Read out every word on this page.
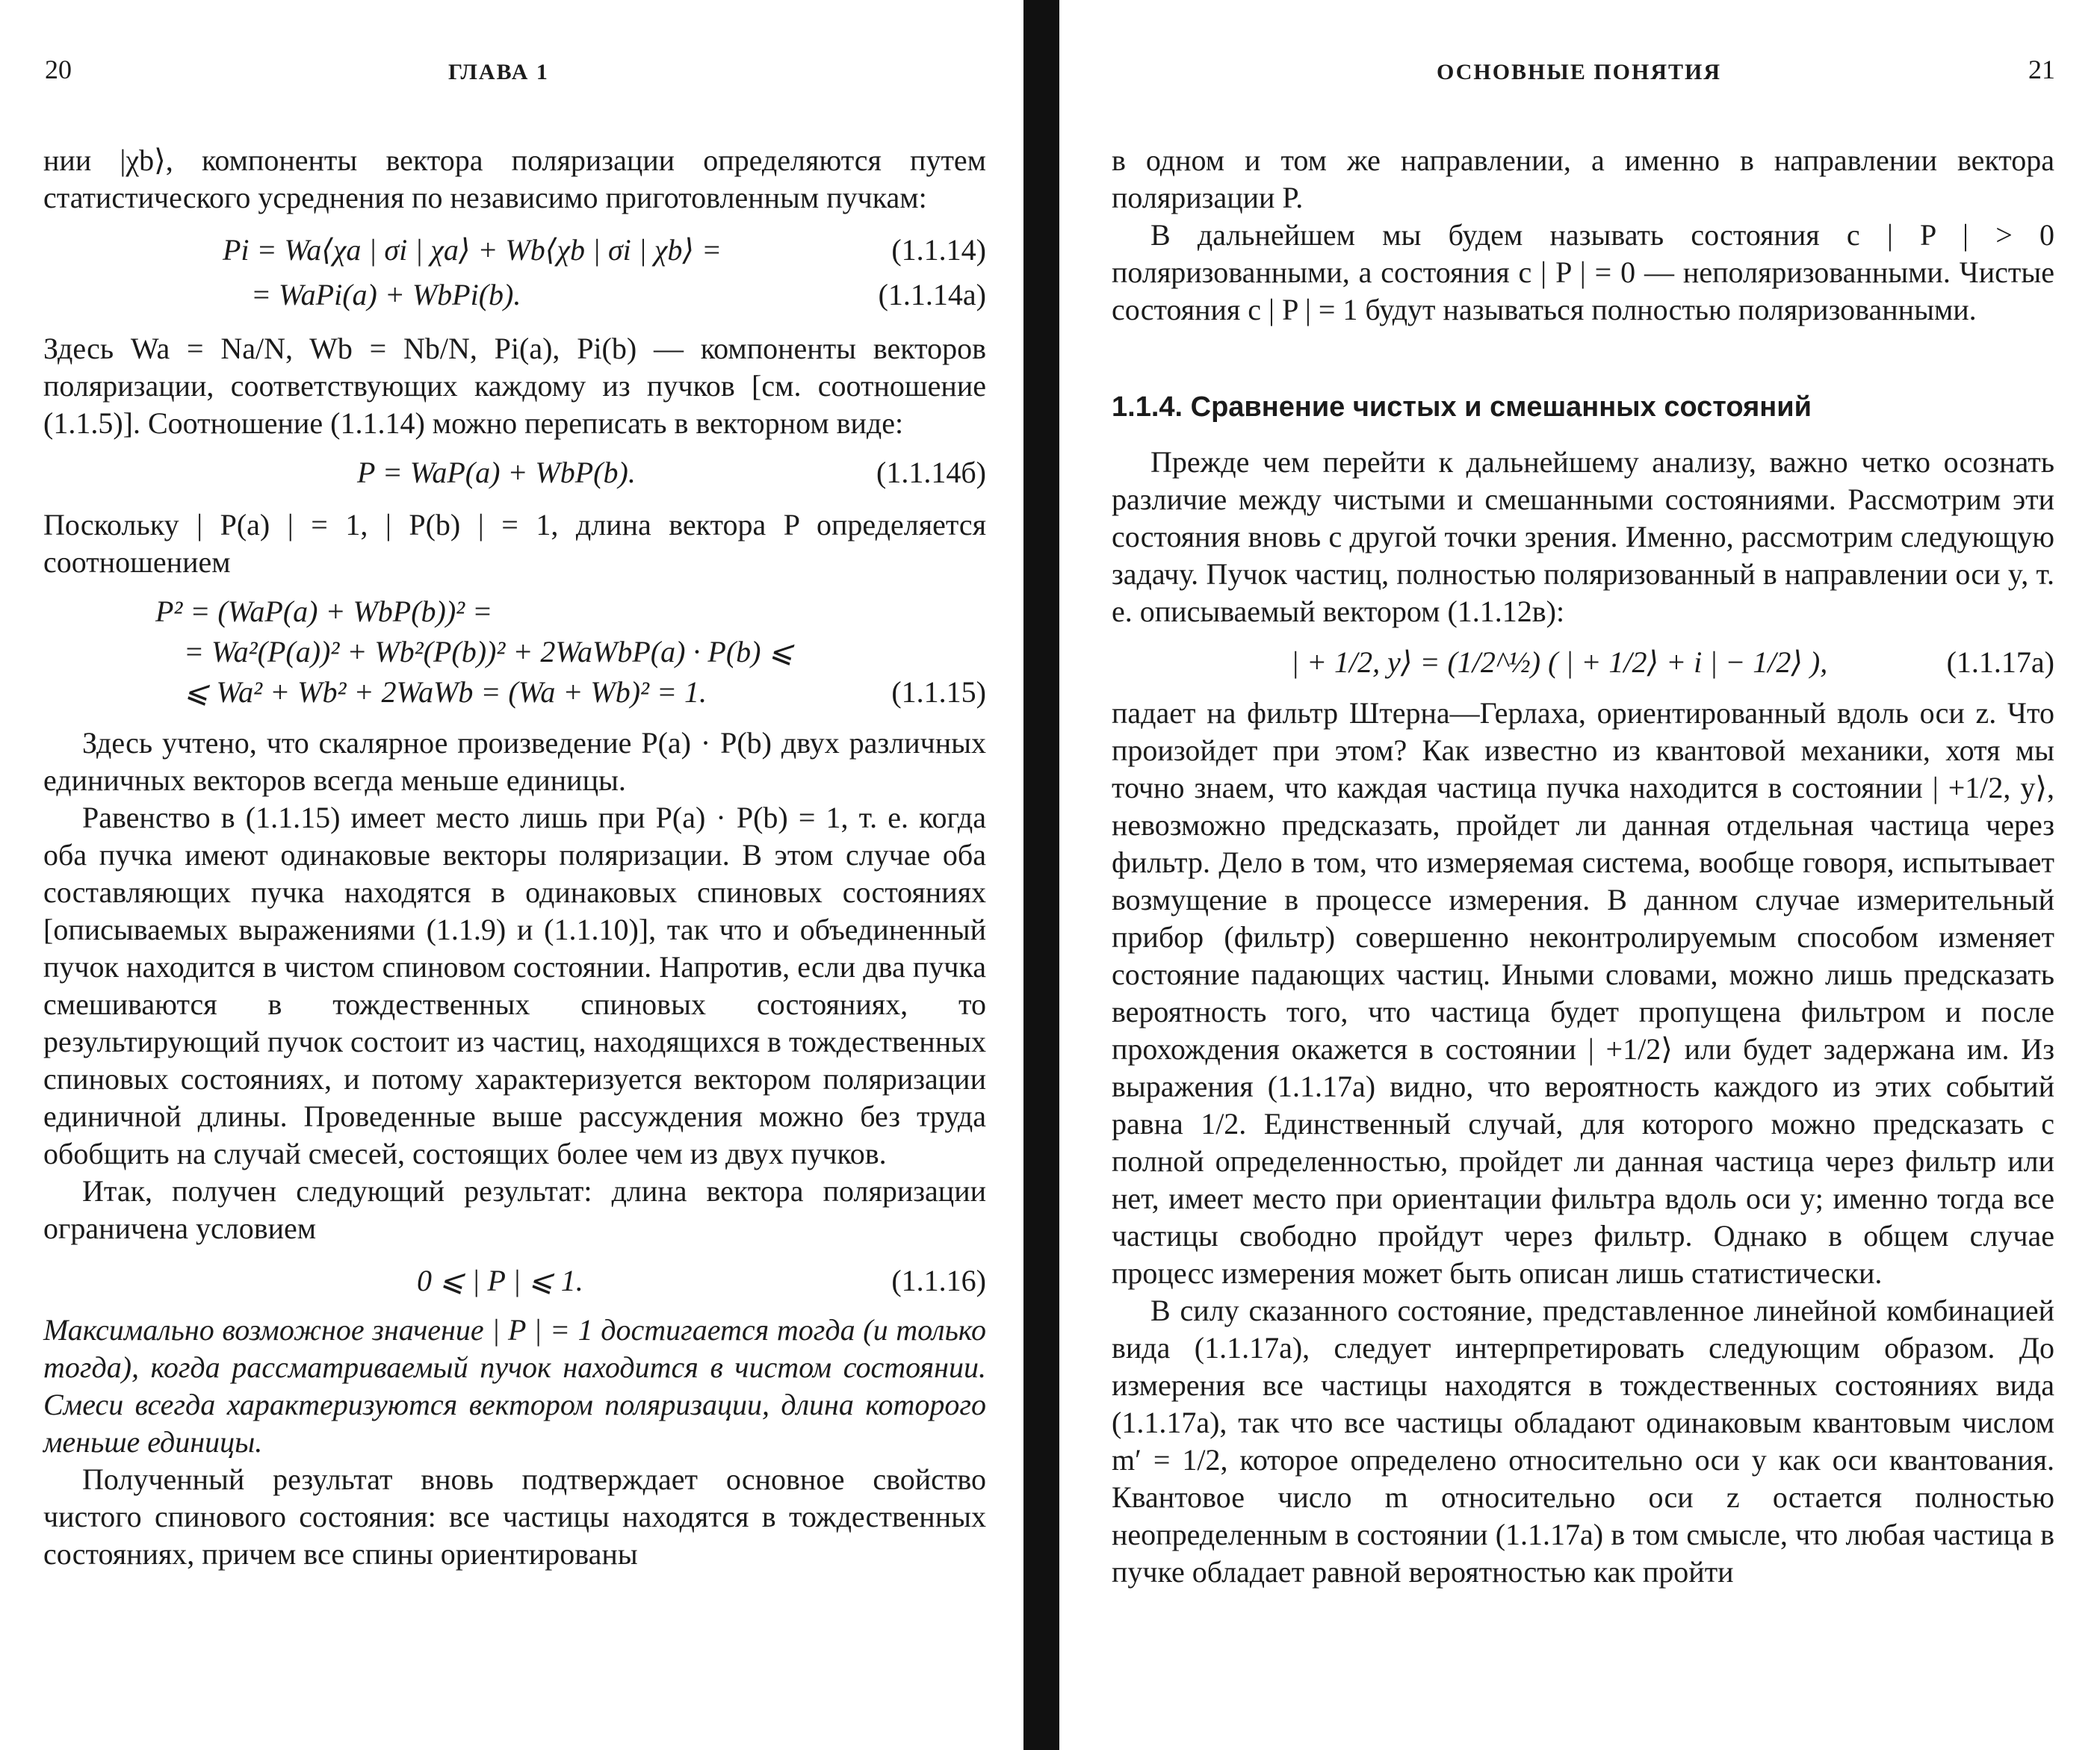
20	ГЛАВА 1

нии |χb⟩, компоненты вектора поляризации определяются путем статистического усреднения по независимо приготовленным пучкам:

Pi = Wa⟨χa | σi | χa⟩ + Wb⟨χb | σi | χb⟩ =	(1.1.14)
= WaPi(a) + WbPi(b).	(1.1.14а)

Здесь Wa = Na/N, Wb = Nb/N, Pi(a), Pi(b) — компоненты векторов поляризации, соответствующих каждому из пучков [см. соотношение (1.1.5)]. Соотношение (1.1.14) можно переписать в векторном виде:

P = WaP(a) + WbP(b).	(1.1.14б)

Поскольку | P(a) | = 1, | P(b) | = 1, длина вектора P определяется соотношением

P² = (WaP(a) + WbP(b))² =
= Wa²(P(a))² + Wb²(P(b))² + 2WaWbP(a) · P(b) ⩽
⩽ Wa² + Wb² + 2WaWb = (Wa + Wb)² = 1.	(1.1.15)

Здесь учтено, что скалярное произведение P(a) · P(b) двух различных единичных векторов всегда меньше единицы.

Равенство в (1.1.15) имеет место лишь при P(a) · P(b) = 1, т. е. когда оба пучка имеют одинаковые векторы поляризации. В этом случае оба составляющих пучка находятся в одинаковых спиновых состояниях [описываемых выражениями (1.1.9) и (1.1.10)], так что и объединенный пучок находится в чистом спиновом состоянии. Напротив, если два пучка смешиваются в тождественных спиновых состояниях, то результирующий пучок состоит из частиц, находящихся в тождественных спиновых состояниях, и потому характеризуется вектором поляризации единичной длины. Проведенные выше рассуждения можно без труда обобщить на случай смесей, состоящих более чем из двух пучков.

Итак, получен следующий результат: длина вектора поляризации ограничена условием

0 ⩽ | P | ⩽ 1.	(1.1.16)

Максимально возможное значение | P | = 1 достигается тогда (и только тогда), когда рассматриваемый пучок находится в чистом состоянии. Смеси всегда характеризуются вектором поляризации, длина которого меньше единицы.

Полученный результат вновь подтверждает основное свойство чистого спинового состояния: все частицы находятся в тождественных состояниях, причем все спины ориентированы

ОСНОВНЫЕ ПОНЯТИЯ	21

в одном и том же направлении, а именно в направлении вектора поляризации P.

В дальнейшем мы будем называть состояния с | P | > 0 поляризованными, а состояния с | P | = 0 — неполяризованными. Чистые состояния с | P | = 1 будут называться полностью поляризованными.

1.1.4. Сравнение чистых и смешанных состояний

Прежде чем перейти к дальнейшему анализу, важно четко осознать различие между чистыми и смешанными состояниями. Рассмотрим эти состояния вновь с другой точки зрения. Именно, рассмотрим следующую задачу. Пучок частиц, полностью поляризованный в направлении оси y, т. е. описываемый вектором (1.1.12в):

| + 1/2, y⟩ = (1/2^½) ( | + 1/2⟩ + i | − 1/2⟩ ),	(1.1.17а)

падает на фильтр Штерна—Герлаха, ориентированный вдоль оси z. Что произойдет при этом? Как известно из квантовой механики, хотя мы точно знаем, что каждая частица пучка находится в состоянии | +1/2, y⟩, невозможно предсказать, пройдет ли данная отдельная частица через фильтр. Дело в том, что измеряемая система, вообще говоря, испытывает возмущение в процессе измерения. В данном случае измерительный прибор (фильтр) совершенно неконтролируемым способом изменяет состояние падающих частиц. Иными словами, можно лишь предсказать вероятность того, что частица будет пропущена фильтром и после прохождения окажется в состоянии | +1/2⟩ или будет задержана им. Из выражения (1.1.17а) видно, что вероятность каждого из этих событий равна 1/2. Единственный случай, для которого можно предсказать с полной определенностью, пройдет ли данная частица через фильтр или нет, имеет место при ориентации фильтра вдоль оси y; именно тогда все частицы свободно пройдут через фильтр. Однако в общем случае процесс измерения может быть описан лишь статистически.

В силу сказанного состояние, представленное линейной комбинацией вида (1.1.17а), следует интерпретировать следующим образом. До измерения все частицы находятся в тождественных состояниях вида (1.1.17а), так что все частицы обладают одинаковым квантовым числом m′ = 1/2, которое определено относительно оси y как оси квантования. Квантовое число m относительно оси z остается полностью неопределенным в состоянии (1.1.17а) в том смысле, что любая частица в пучке обладает равной вероятностью как пройти
